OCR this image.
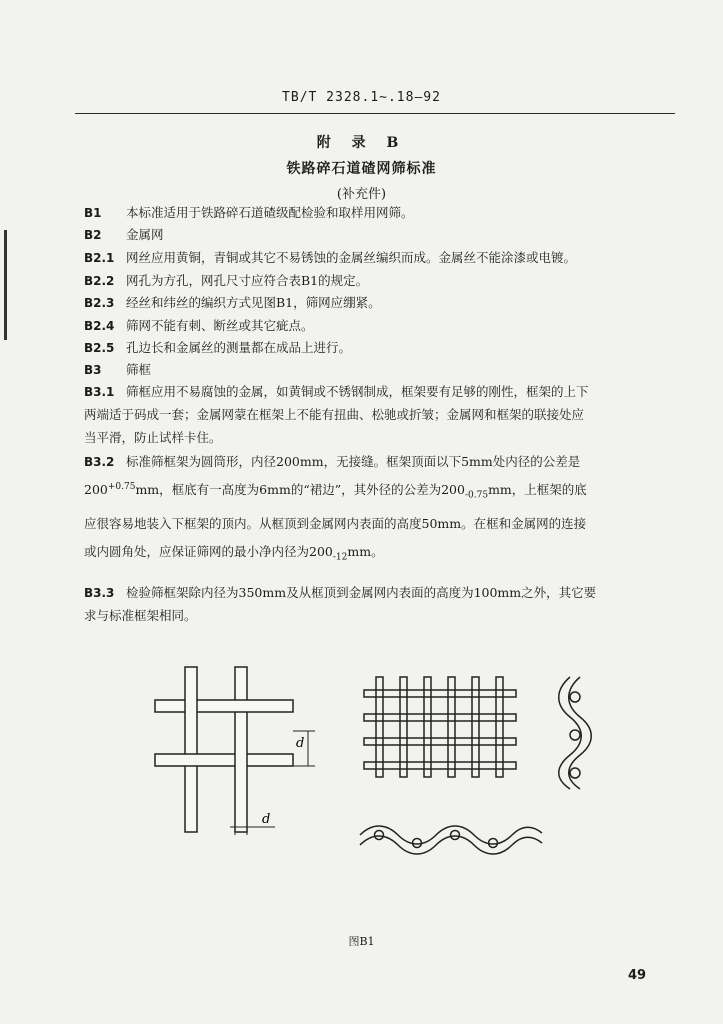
TB/T 2328.1~.18—92
附 录 B
铁路碎石道碴网筛标准
(补充件)
B1 本标准适用于铁路碎石道碴级配检验和取样用网筛。
B2 金属网
B2.1 网丝应用黄铜，青铜或其它不易锈蚀的金属丝编织而成。金属丝不能涂漆或电镀。
B2.2 网孔为方孔，网孔尺寸应符合表B1的规定。
B2.3 经丝和纬丝的编织方式见图B1，筛网应绷紧。
B2.4 筛网不能有刺、断丝或其它疵点。
B2.5 孔边长和金属丝的测量都在成品上进行。
B3 筛框
B3.1 筛框应用不易腐蚀的金属，如黄铜或不锈钢制成，框架要有足够的刚性，框架的上下
两端适于码成一套；金属网蒙在框架上不能有扭曲、松驰或折皱；金属网和框架的联接处应
当平滑，防止试样卡住。
B3.2 标准筛框架为圆筒形，内径200mm，无接缝。框架顶面以下5mm处内径的公差是
$200^{+0.75}mm$，框底有一高度为6mm的“裙边”，其外径的公差为$200_{-0.75}mm$，上框架的底
应很容易地装入下框架的顶内。从框顶到金属网内表面的高度50mm。在框和金属网的连接
或内圆角处，应保证筛网的最小净内径为$200_{-12}mm$。
B3.3 检验筛框架除内径为350mm及从框顶到金属网内表面的高度为100mm之外，其它要
求与标准框架相同。
d
d
图B1
49
